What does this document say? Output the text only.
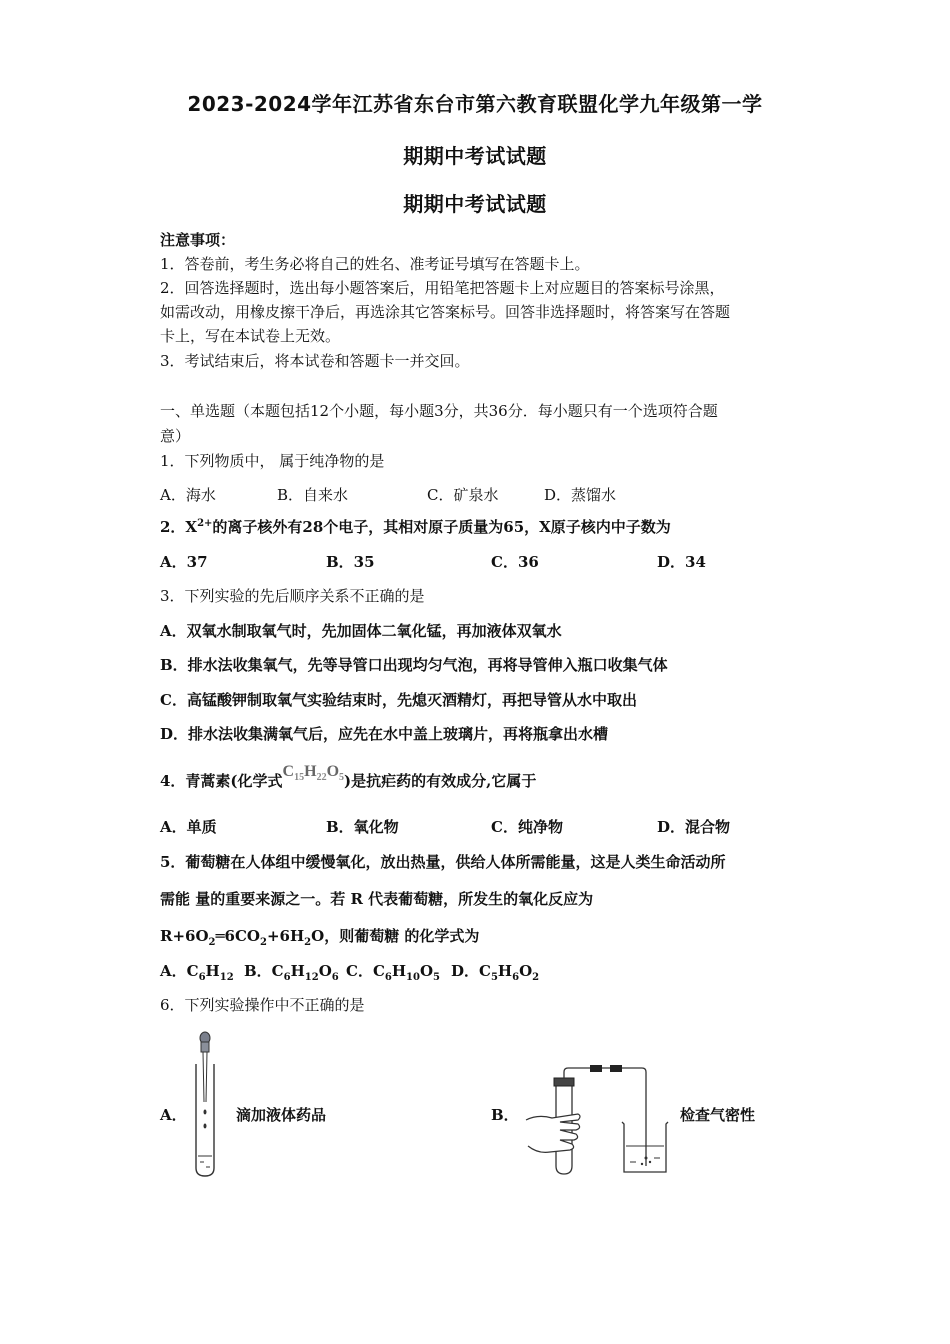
2023-2024学年江苏省东台市第六教育联盟化学九年级第一学
期期中考试试题
期期中考试试题
注意事项：
1．答卷前，考生务必将自己的姓名、准考证号填写在答题卡上。
2．回答选择题时，选出每小题答案后，用铅笔把答题卡上对应题目的答案标号涂黑，
如需改动，用橡皮擦干净后，再选涂其它答案标号。回答非选择题时，将答案写在答题
卡上，写在本试卷上无效。
3．考试结束后，将本试卷和答题卡一并交回。
一、单选题（本题包括12个小题，每小题3分，共36分．每小题只有一个选项符合题
意）
1．下列物质中， 属于纯净物的是
A．海水	B．自来水	C．矿泉水	D．蒸馏水
2．$X^{2+}$的离子核外有28个电子，其相对原子质量为65，X原子核内中子数为
A．37	B．35	C．36	D．34
3．下列实验的先后顺序关系不正确的是
A．双氧水制取氧气时，先加固体二氧化锰，再加液体双氧水
B．排水法收集氧气，先等导管口出现均匀气泡，再将导管伸入瓶口收集气体
C．高锰酸钾制取氧气实验结束时，先熄灭酒精灯，再把导管从水中取出
D．排水法收集满氧气后，应先在水中盖上玻璃片，再将瓶拿出水槽
4．青蒿素(化学式$C_{15}H_{22}O_5$)是抗疟药的有效成分,它属于
A．单质	B．氧化物	C．纯净物	D．混合物
5．葡萄糖在人体组中缓慢氧化，放出热量，供给人体所需能量，这是人类生命活动所
需能 量的重要来源之一。若 R 代表葡萄糖，所发生的氧化反应为
$R+6O_2═6CO_2+6H_2O$，则葡萄糖 的化学式为
A．$C_6H_{12}$ B．$C_6H_{12}O_6$ C．$C_6H_{10}O_5$ D．$C_5H_6O_2$
6．下列实验操作中不正确的是
A．	滴加液体药品	B．	检查气密性
